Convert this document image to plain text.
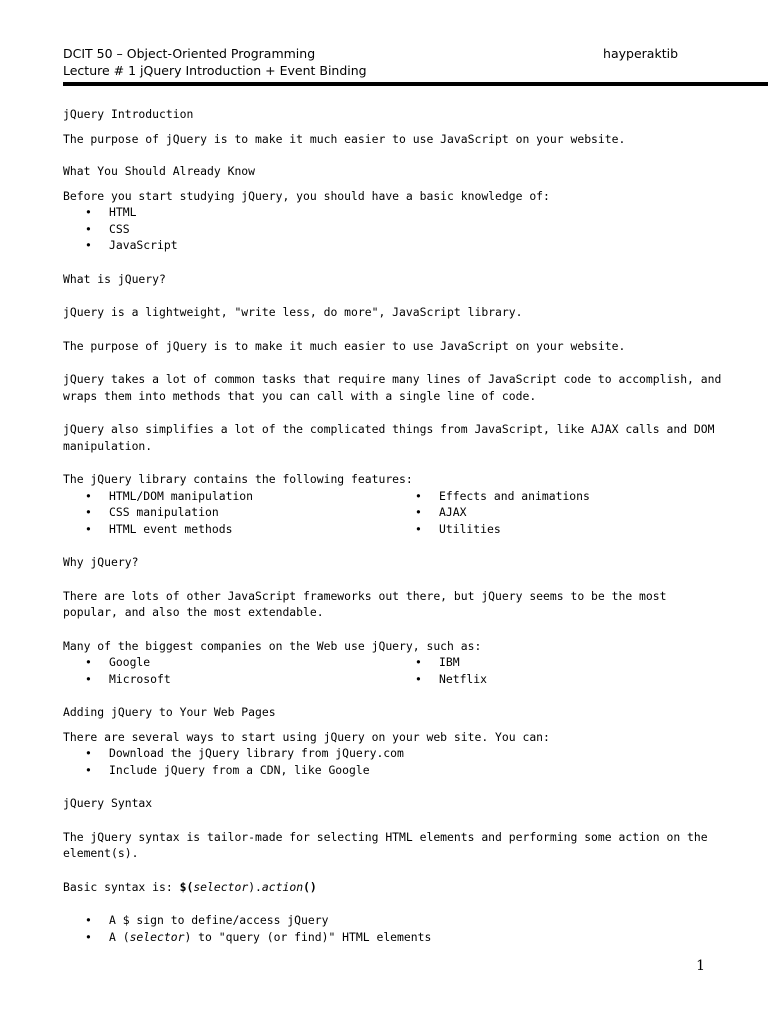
DCIT 50 – Object-Oriented Programming	hayperaktib
Lecture # 1 jQuery Introduction + Event Binding

jQuery Introduction

The purpose of jQuery is to make it much easier to use JavaScript on your website.

What You Should Already Know

Before you start studying jQuery, you should have a basic knowledge of:

• HTML
• CSS
• JavaScript

What is jQuery?

jQuery is a lightweight, "write less, do more", JavaScript library.

The purpose of jQuery is to make it much easier to use JavaScript on your website.

jQuery takes a lot of common tasks that require many lines of JavaScript code to accomplish, and wraps them into methods that you can call with a single line of code.

jQuery also simplifies a lot of the complicated things from JavaScript, like AJAX calls and DOM manipulation.

The jQuery library contains the following features:

• HTML/DOM manipulation
• CSS manipulation
• HTML event methods
• Effects and animations
• AJAX
• Utilities

Why jQuery?

There are lots of other JavaScript frameworks out there, but jQuery seems to be the most popular, and also the most extendable.

Many of the biggest companies on the Web use jQuery, such as:

• Google
• Microsoft
• IBM
• Netflix

Adding jQuery to Your Web Pages

There are several ways to start using jQuery on your web site. You can:

• Download the jQuery library from jQuery.com
• Include jQuery from a CDN, like Google

jQuery Syntax

The jQuery syntax is tailor-made for selecting HTML elements and performing some action on the element(s).

Basic syntax is: $(selector).action()

• A $ sign to define/access jQuery
• A (selector) to "query (or find)" HTML elements
1
